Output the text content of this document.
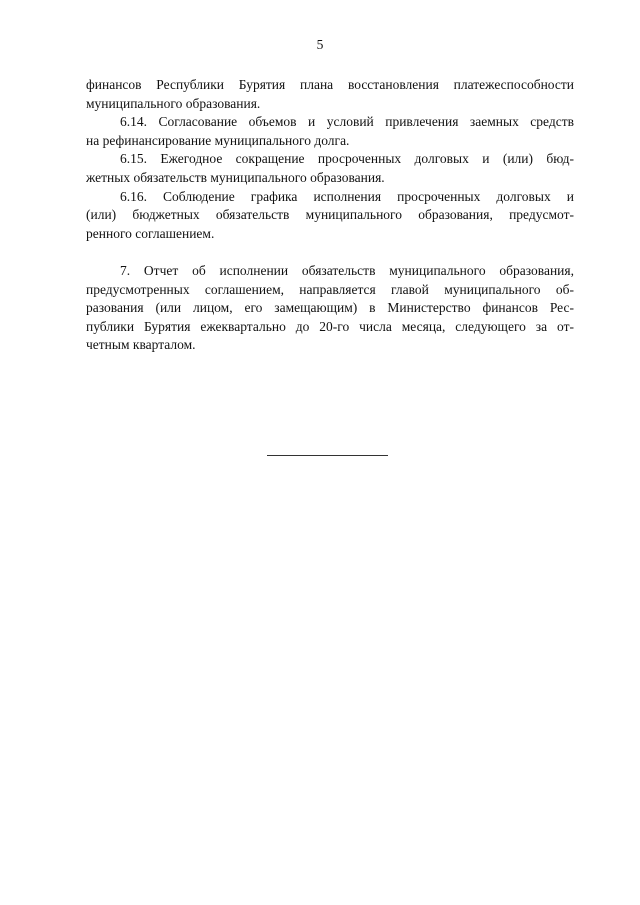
5
финансов Республики Бурятия плана восстановления платежеспособности
муниципального образования.
6.14. Согласование объемов и условий привлечения заемных средств
на рефинансирование муниципального долга.
6.15. Ежегодное сокращение просроченных долговых и (или) бюд-
жетных обязательств муниципального образования.
6.16. Соблюдение графика исполнения просроченных долговых и
(или) бюджетных обязательств муниципального образования, предусмот-
ренного соглашением.
7. Отчет об исполнении обязательств муниципального образования,
предусмотренных соглашением, направляется главой муниципального об-
разования (или лицом, его замещающим) в Министерство финансов Рес-
публики Бурятия ежеквартально до 20-го числа месяца, следующего за от-
четным кварталом.
